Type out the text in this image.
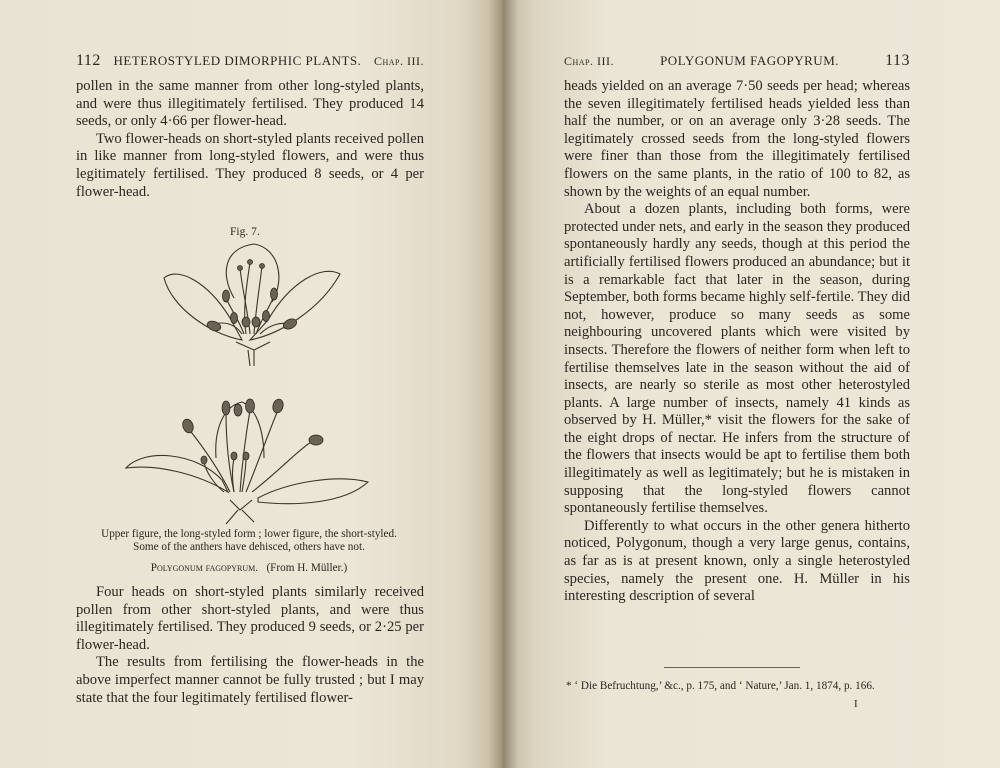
112 HETEROSTYLED DIMORPHIC PLANTS. Chap. III.

pollen in the same manner from other long-styled plants, and were thus illegitimately fertilised. They produced 14 seeds, or only 4·66 per flower-head.

Two flower-heads on short-styled plants received pollen in like manner from long-styled flowers, and were thus legitimately fertilised. They produced 8 seeds, or 4 per flower-head.

Fig. 7.
Upper figure, the long-styled form ; lower figure, the short-styled.
Some of the anthers have dehisced, others have not.
Polygonum fagopyrum. (From H. Müller.)

Four heads on short-styled plants similarly received pollen from other short-styled plants, and were thus illegitimately fertilised. They produced 9 seeds, or 2·25 per flower-head.

The results from fertilising the flower-heads in the above imperfect manner cannot be fully trusted ; but I may state that the four legitimately fertilised flower-

Chap. III.	POLYGONUM FAGOPYRUM.	113

heads yielded on an average 7·50 seeds per head; whereas the seven illegitimately fertilised heads yielded less than half the number, or on an average only 3·28 seeds. The legitimately crossed seeds from the long-styled flowers were finer than those from the illegitimately fertilised flowers on the same plants, in the ratio of 100 to 82, as shown by the weights of an equal number.

About a dozen plants, including both forms, were protected under nets, and early in the season they produced spontaneously hardly any seeds, though at this period the artificially fertilised flowers produced an abundance; but it is a remarkable fact that later in the season, during September, both forms became highly self-fertile. They did not, however, produce so many seeds as some neighbouring uncovered plants which were visited by insects. Therefore the flowers of neither form when left to fertilise themselves late in the season without the aid of insects, are nearly so sterile as most other heterostyled plants. A large number of insects, namely 41 kinds as observed by H. Müller,* visit the flowers for the sake of the eight drops of nectar. He infers from the structure of the flowers that insects would be apt to fertilise them both illegitimately as well as legitimately; but he is mistaken in supposing that the long-styled flowers cannot spontaneously fertilise themselves.

Differently to what occurs in the other genera hitherto noticed, Polygonum, though a very large genus, contains, as far as is at present known, only a single heterostyled species, namely the present one. H. Müller in his interesting description of several

* ‘ Die Befruchtung,’ &c., p. 175, and ‘ Nature,’ Jan. 1, 1874, p. 166.
I
